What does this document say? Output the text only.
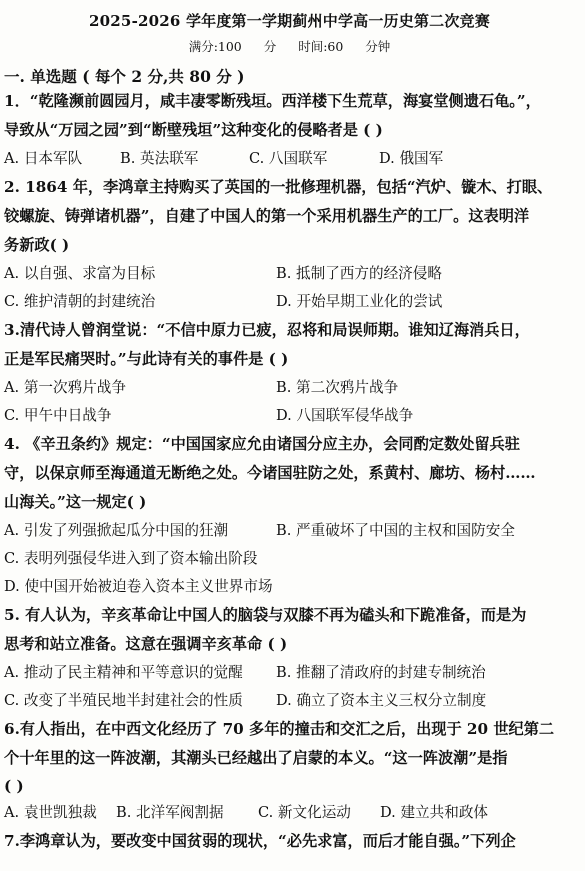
2025-2026 学年度第一学期蓟州中学高一历史第二次竞赛
满分:100 分 时间:60 分钟
一. 单选题 ( 每个 2 分,共 80 分 )
1．“乾隆濒前圆园月，咸丰凄零断残垣。西洋楼下生荒草，海宴堂侧遗石龟。”，
导致从“万园之园”到“断壁残垣”这种变化的侵略者是 ( )
A. 日本军队	B. 英法联军	C. 八国联军	D. 俄国军
2. 1864 年，李鸿章主持购买了英国的一批修理机器，包括“汽炉、镟木、打眼、
铰螺旋、铸弹诸机器”，自建了中国人的第一个采用机器生产的工厂。这表明洋
务新政( )
A. 以自强、求富为目标	B. 抵制了西方的经济侵略
C. 维护清朝的封建统治	D. 开始早期工业化的尝试
3.清代诗人曾润堂说：“不信中原力已疲，忍将和局误师期。谁知辽海消兵日，
正是军民痛哭时。”与此诗有关的事件是 ( )
A. 第一次鸦片战争	B. 第二次鸦片战争
C. 甲午中日战争	D. 八国联军侵华战争
4. 《辛丑条约》规定：“中国国家应允由诸国分应主办，会同酌定数处留兵驻
守，以保京师至海通道无断绝之处。今诸国驻防之处，系黄村、廊坊、杨村……
山海关。”这一规定( )
A. 引发了列强掀起瓜分中国的狂潮	B. 严重破坏了中国的主权和国防安全
C. 表明列强侵华进入到了资本输出阶段
D. 使中国开始被迫卷入资本主义世界市场
5. 有人认为，辛亥革命让中国人的脑袋与双膝不再为磕头和下跪准备，而是为
思考和站立准备。这意在强调辛亥革命 ( )
A. 推动了民主精神和平等意识的觉醒	B. 推翻了清政府的封建专制统治
C. 改变了半殖民地半封建社会的性质	D. 确立了资本主义三权分立制度
6.有人指出，在中西文化经历了 70 多年的撞击和交汇之后，出现于 20 世纪第二
个十年里的这一阵波潮，其潮头已经越出了启蒙的本义。“这一阵波潮”是指
( )
A. 袁世凯独裁	B. 北洋军阀割据	C. 新文化运动	D. 建立共和政体
7.李鸿章认为，要改变中国贫弱的现状，“必先求富，而后才能自强。”下列企
